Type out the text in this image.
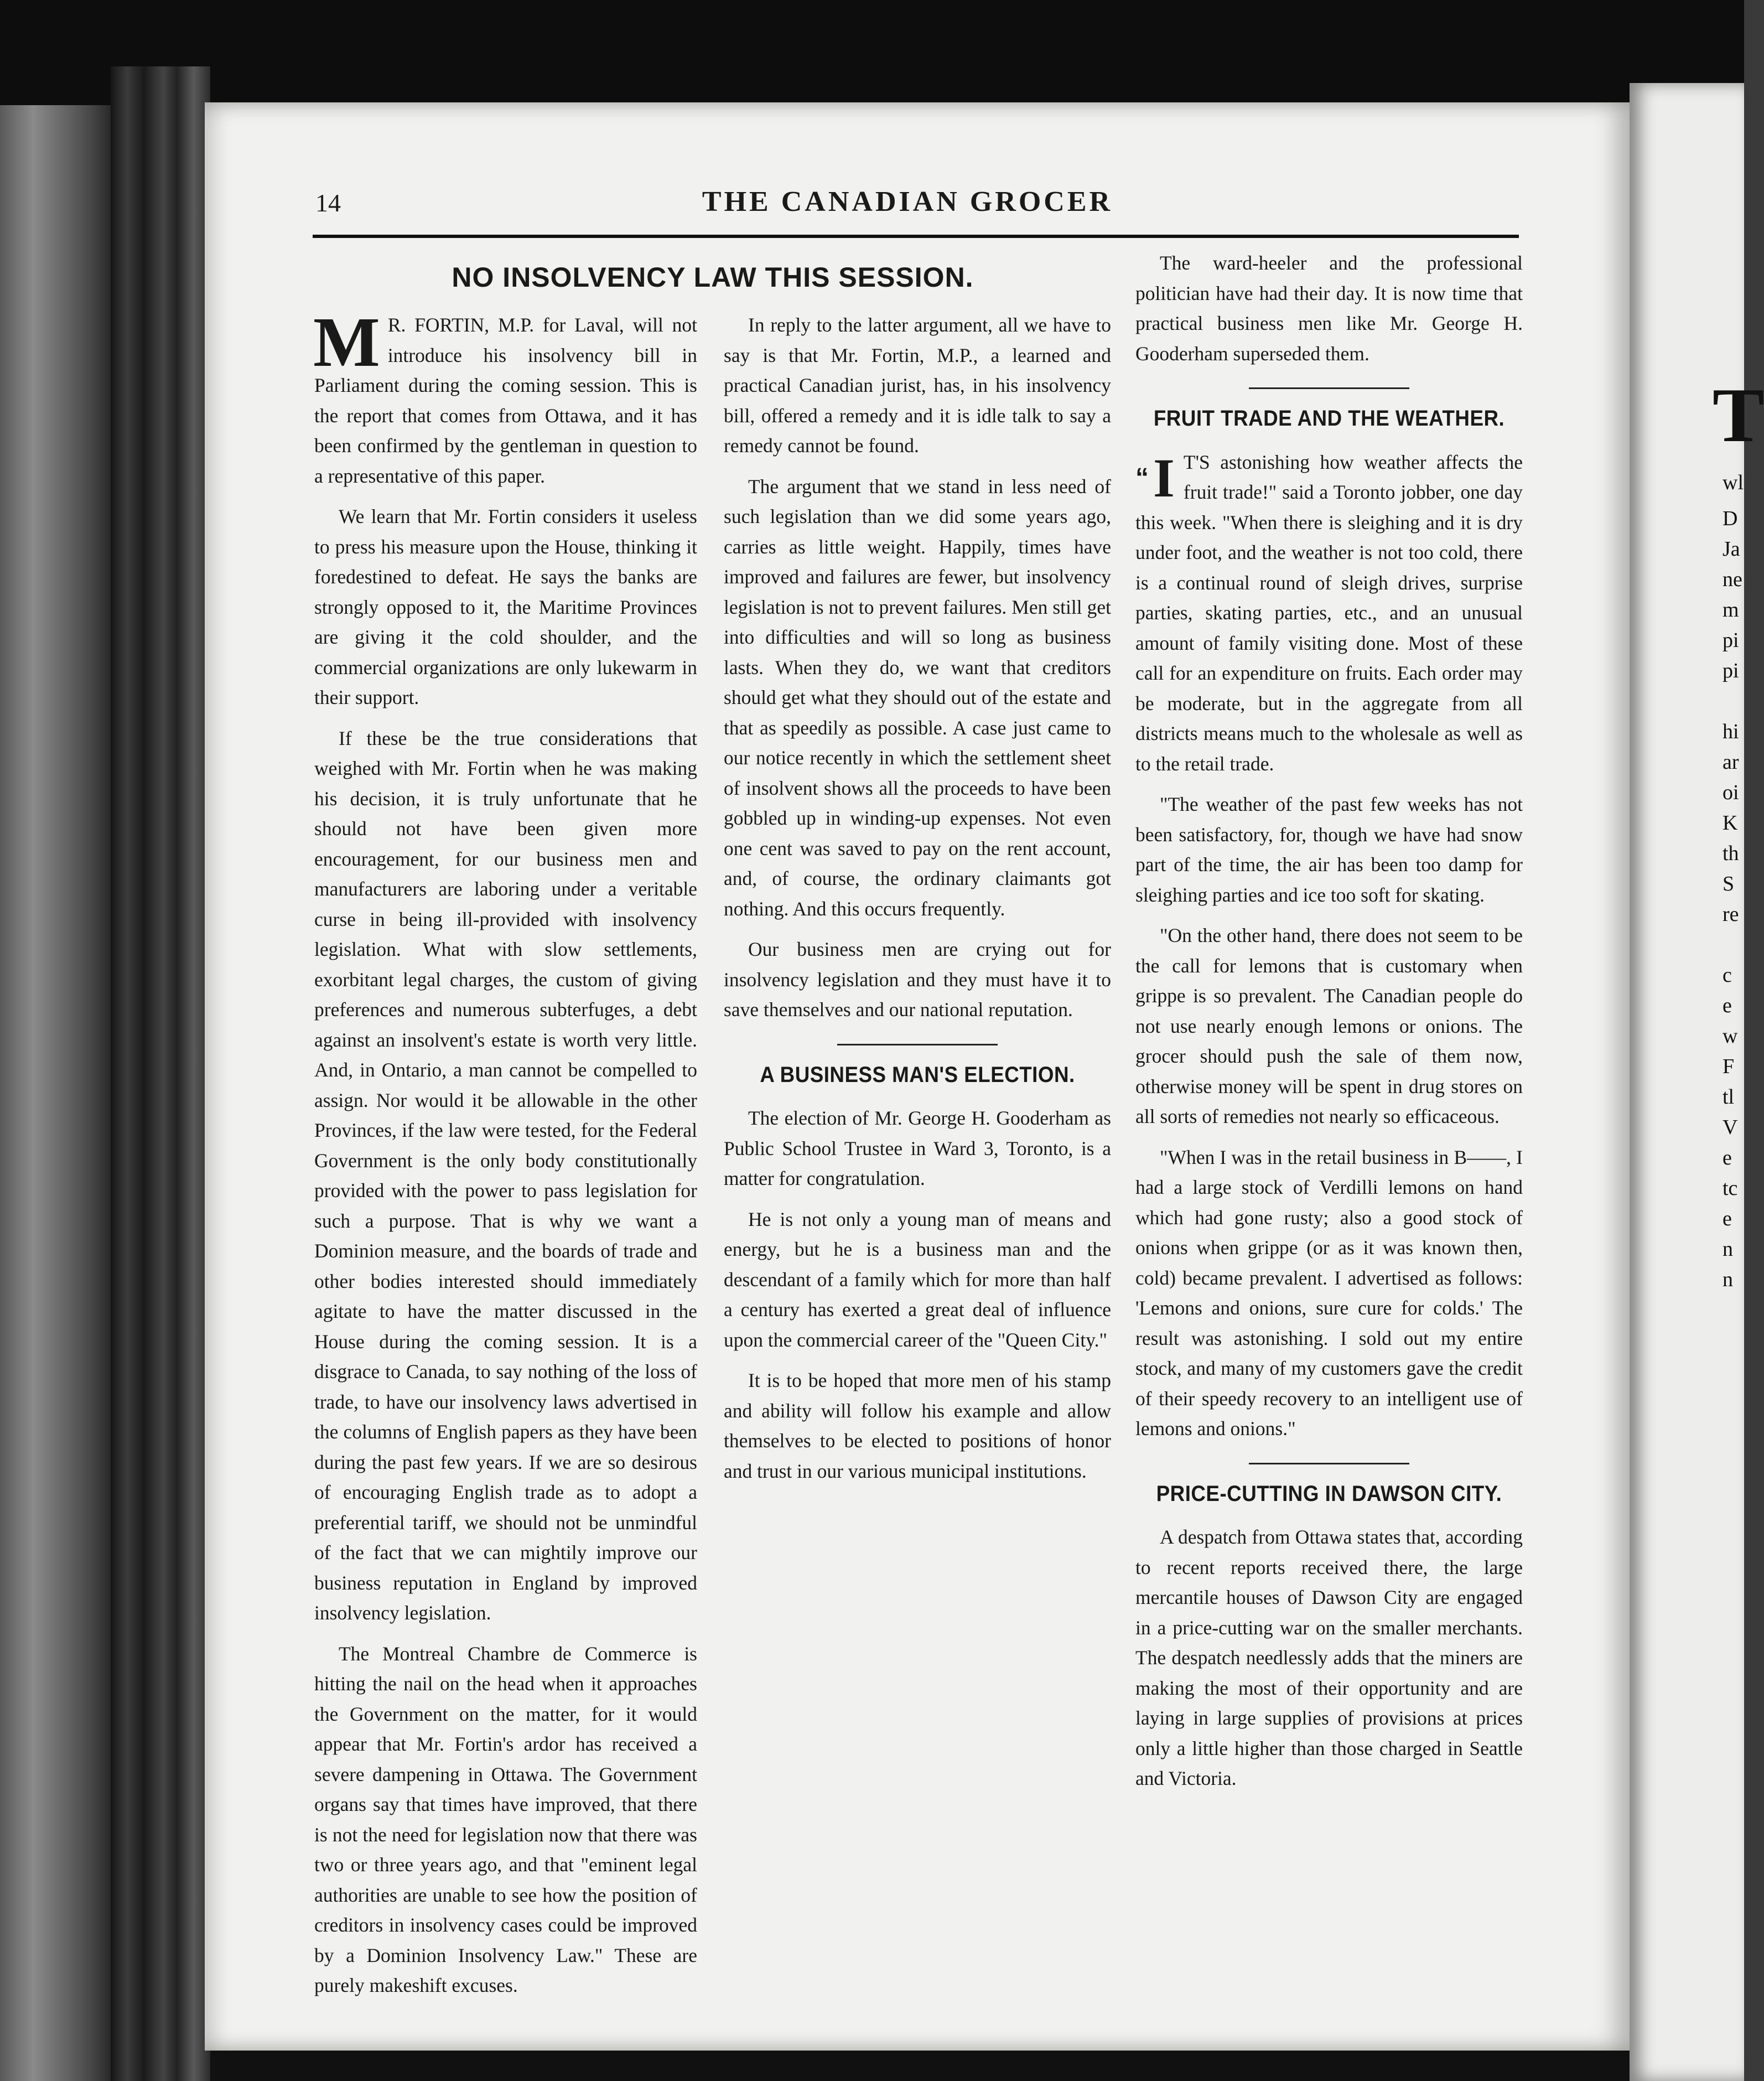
T
wl
D
Ja
ne
m
pi
pi
hi
ar
oi
K
th
S
re
c
e
w
F
tl
V
e
tc
e
n
n
14	THE CANADIAN GROCER
NO INSOLVENCY LAW THIS SESSION.

M R. FORTIN, M.P. for Laval, will not introduce his insolvency bill in Parliament during the coming session. This is the report that comes from Ottawa, and it has been confirmed by the gentleman in question to a representative of this paper.

We learn that Mr. Fortin considers it useless to press his measure upon the House, thinking it foredestined to defeat. He says the banks are strongly opposed to it, the Maritime Provinces are giving it the cold shoulder, and the commercial organizations are only lukewarm in their support.

If these be the true considerations that weighed with Mr. Fortin when he was making his decision, it is truly unfortunate that he should not have been given more encouragement, for our business men and manufacturers are laboring under a veritable curse in being ill-provided with insolvency legislation. What with slow settlements, exorbitant legal charges, the custom of giving preferences and numerous subterfuges, a debt against an insolvent's estate is worth very little. And, in Ontario, a man cannot be compelled to assign. Nor would it be allowable in the other Provinces, if the law were tested, for the Federal Government is the only body constitutionally provided with the power to pass legislation for such a purpose. That is why we want a Dominion measure, and the boards of trade and other bodies interested should immediately agitate to have the matter discussed in the House during the coming session. It is a disgrace to Canada, to say nothing of the loss of trade, to have our insolvency laws advertised in the columns of English papers as they have been during the past few years. If we are so desirous of encouraging English trade as to adopt a preferential tariff, we should not be unmindful of the fact that we can mightily improve our business reputation in England by improved insolvency legislation.

The Montreal Chambre de Commerce is hitting the nail on the head when it approaches the Government on the matter, for it would appear that Mr. Fortin's ardor has received a severe dampening in Ottawa. The Government organs say that times have improved, that there is not the need for legislation now that there was two or three years ago, and that "eminent legal authorities are unable to see how the position of creditors in insolvency cases could be improved by a Dominion Insolvency Law." These are purely makeshift excuses.

In reply to the latter argument, all we have to say is that Mr. Fortin, M.P., a learned and practical Canadian jurist, has, in his insolvency bill, offered a remedy and it is idle talk to say a remedy cannot be found.

The argument that we stand in less need of such legislation than we did some years ago, carries as little weight. Happily, times have improved and failures are fewer, but insolvency legislation is not to prevent failures. Men still get into difficulties and will so long as business lasts. When they do, we want that creditors should get what they should out of the estate and that as speedily as possible. A case just came to our notice recently in which the settlement sheet of insolvent shows all the proceeds to have been gobbled up in winding-up expenses. Not even one cent was saved to pay on the rent account, and, of course, the ordinary claimants got nothing. And this occurs frequently.

Our business men are crying out for insolvency legislation and they must have it to save themselves and our national reputation.

A BUSINESS MAN'S ELECTION.

The election of Mr. George H. Gooderham as Public School Trustee in Ward 3, Toronto, is a matter for congratulation.

He is not only a young man of means and energy, but he is a business man and the descendant of a family which for more than half a century has exerted a great deal of influence upon the commercial career of the "Queen City."

It is to be hoped that more men of his stamp and ability will follow his example and allow themselves to be elected to positions of honor and trust in our various municipal institutions.

The ward-heeler and the professional politician have had their day. It is now time that practical business men like Mr. George H. Gooderham superseded them.

FRUIT TRADE AND THE WEATHER.

“I T'S astonishing how weather affects the fruit trade!" said a Toronto jobber, one day this week. "When there is sleighing and it is dry under foot, and the weather is not too cold, there is a continual round of sleigh drives, surprise parties, skating parties, etc., and an unusual amount of family visiting done. Most of these call for an expenditure on fruits. Each order may be moderate, but in the aggregate from all districts means much to the wholesale as well as to the retail trade.

"The weather of the past few weeks has not been satisfactory, for, though we have had snow part of the time, the air has been too damp for sleighing parties and ice too soft for skating.

"On the other hand, there does not seem to be the call for lemons that is customary when grippe is so prevalent. The Canadian people do not use nearly enough lemons or onions. The grocer should push the sale of them now, otherwise money will be spent in drug stores on all sorts of remedies not nearly so efficaceous.

"When I was in the retail business in B——, I had a large stock of Verdilli lemons on hand which had gone rusty; also a good stock of onions when grippe (or as it was known then, cold) became prevalent. I advertised as follows: 'Lemons and onions, sure cure for colds.' The result was astonishing. I sold out my entire stock, and many of my customers gave the credit of their speedy recovery to an intelligent use of lemons and onions."

PRICE-CUTTING IN DAWSON CITY.

A despatch from Ottawa states that, according to recent reports received there, the large mercantile houses of Dawson City are engaged in a price-cutting war on the smaller merchants. The despatch needlessly adds that the miners are making the most of their opportunity and are laying in large supplies of provisions at prices only a little higher than those charged in Seattle and Victoria.
